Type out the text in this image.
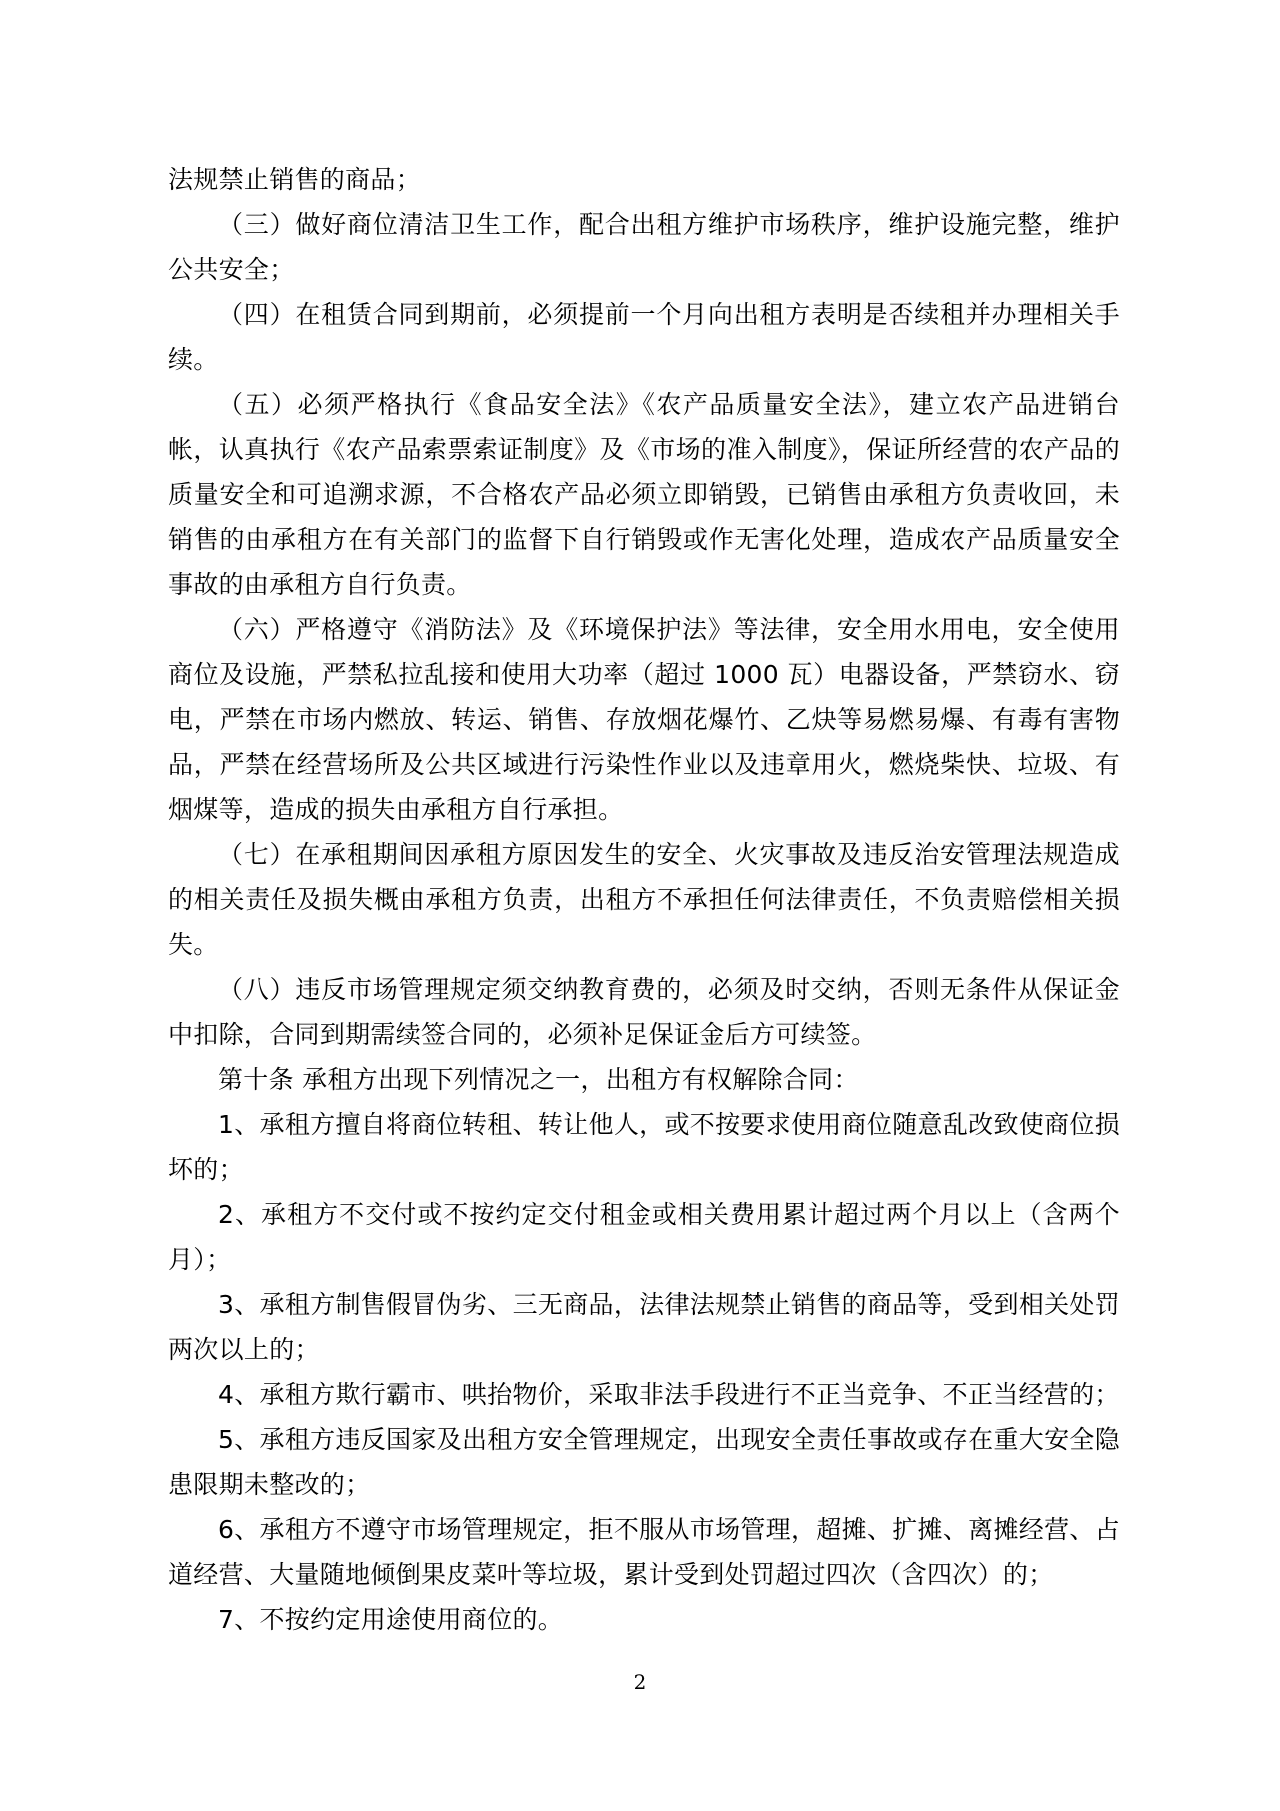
法规禁止销售的商品；

（三）做好商位清洁卫生工作，配合出租方维护市场秩序，维护设施完整，维护公共安全；

（四）在租赁合同到期前，必须提前一个月向出租方表明是否续租并办理相关手续。

（五）必须严格执行《食品安全法》《农产品质量安全法》，建立农产品进销台帐，认真执行《农产品索票索证制度》及《市场的准入制度》，保证所经营的农产品的质量安全和可追溯求源，不合格农产品必须立即销毁，已销售由承租方负责收回，未销售的由承租方在有关部门的监督下自行销毁或作无害化处理，造成农产品质量安全事故的由承租方自行负责。

（六）严格遵守《消防法》及《环境保护法》等法律，安全用水用电，安全使用商位及设施，严禁私拉乱接和使用大功率（超过 1000 瓦）电器设备，严禁窃水、窃电，严禁在市场内燃放、转运、销售、存放烟花爆竹、乙炔等易燃易爆、有毒有害物品，严禁在经营场所及公共区域进行污染性作业以及违章用火，燃烧柴快、垃圾、有烟煤等，造成的损失由承租方自行承担。

（七）在承租期间因承租方原因发生的安全、火灾事故及违反治安管理法规造成的相关责任及损失概由承租方负责，出租方不承担任何法律责任，不负责赔偿相关损失。

（八）违反市场管理规定须交纳教育费的，必须及时交纳，否则无条件从保证金中扣除，合同到期需续签合同的，必须补足保证金后方可续签。

第十条 承租方出现下列情况之一，出租方有权解除合同：

1、承租方擅自将商位转租、转让他人，或不按要求使用商位随意乱改致使商位损坏的；

2、承租方不交付或不按约定交付租金或相关费用累计超过两个月以上（含两个月）；

3、承租方制售假冒伪劣、三无商品，法律法规禁止销售的商品等，受到相关处罚两次以上的；

4、承租方欺行霸市、哄抬物价，采取非法手段进行不正当竞争、不正当经营的；

5、承租方违反国家及出租方安全管理规定，出现安全责任事故或存在重大安全隐患限期未整改的；

6、承租方不遵守市场管理规定，拒不服从市场管理，超摊、扩摊、离摊经营、占道经营、大量随地倾倒果皮菜叶等垃圾，累计受到处罚超过四次（含四次）的；

7、不按约定用途使用商位的。

2
